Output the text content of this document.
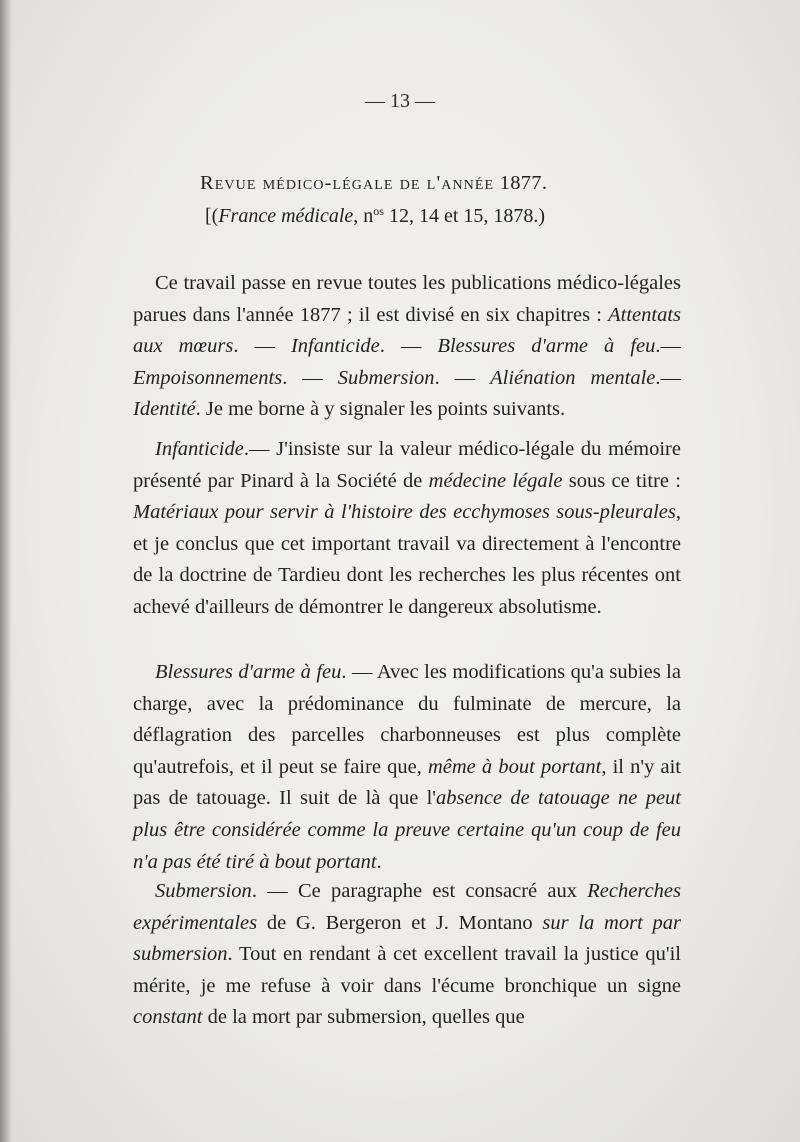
— 13 —
Revue médico-légale de l'année 1877.
[(France médicale, $n^{os}$ 12, 14 et 15, 1878.)
Ce travail passe en revue toutes les publications médico-légales parues dans l'année 1877 ; il est divisé en six chapitres : Attentats aux mœurs. — Infanticide. — Blessures d'arme à feu.— Empoisonnements. — Submersion. — Aliénation mentale.— Identité. Je me borne à y signaler les points suivants.
Infanticide.— J'insiste sur la valeur médico-légale du mémoire présenté par Pinard à la Société de médecine légale sous ce titre : Matériaux pour servir à l'histoire des ecchymoses sous-pleurales, et je conclus que cet important travail va directement à l'encontre de la doctrine de Tardieu dont les recherches les plus récentes ont achevé d'ailleurs de démontrer le dangereux absolutisme.
Blessures d'arme à feu. — Avec les modifications qu'a subies la charge, avec la prédominance du fulminate de mercure, la déflagration des parcelles charbonneuses est plus complète qu'autrefois, et il peut se faire que, même à bout portant, il n'y ait pas de tatouage. Il suit de là que l'absence de tatouage ne peut plus être considérée comme la preuve certaine qu'un coup de feu n'a pas été tiré à bout portant.
Submersion. — Ce paragraphe est consacré aux Recherches expérimentales de G. Bergeron et J. Montano sur la mort par submersion. Tout en rendant à cet excellent travail la justice qu'il mérite, je me refuse à voir dans l'écume bronchique un signe constant de la mort par submersion, quelles que
